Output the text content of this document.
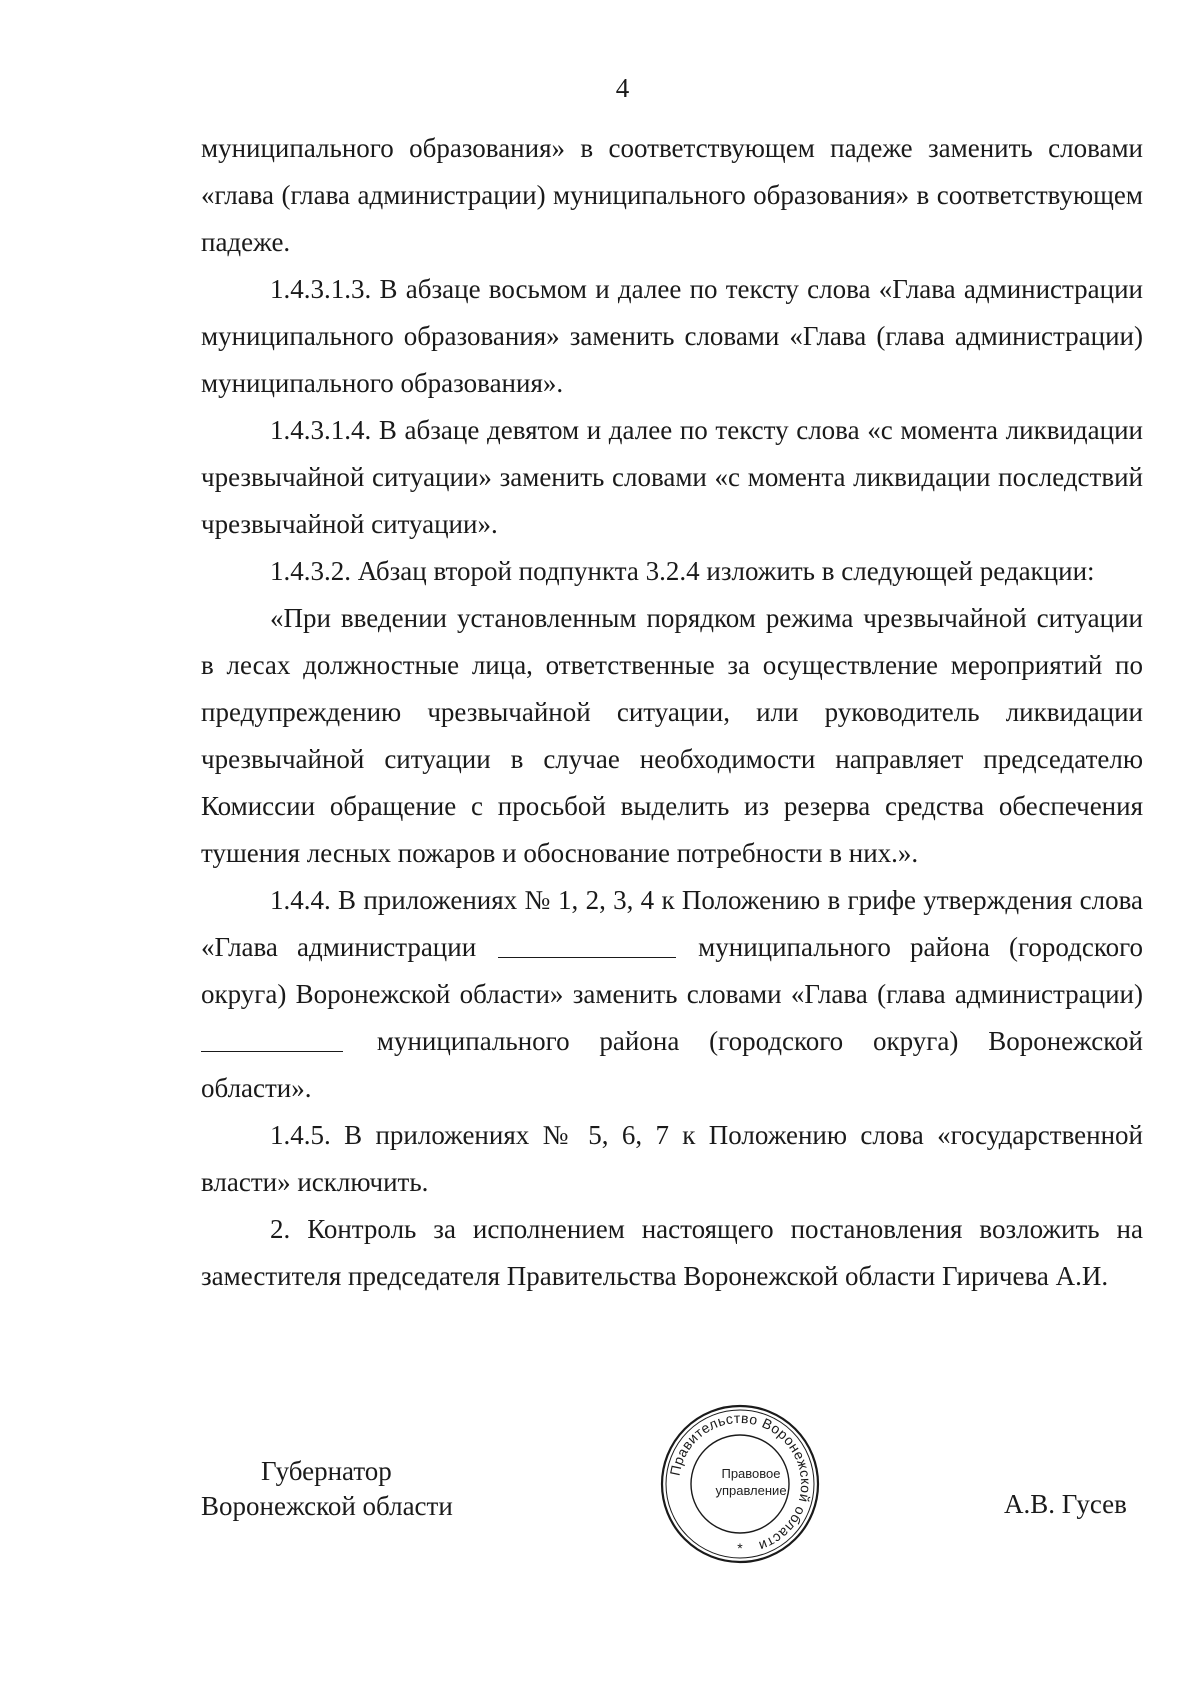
4

муниципального образования» в соответствующем падеже заменить словами «глава (глава администрации) муниципального образования» в соответствующем падеже.

1.4.3.1.3. В абзаце восьмом и далее по тексту слова «Глава администрации муниципального образования» заменить словами «Глава (глава администрации) муниципального образования».

1.4.3.1.4. В абзаце девятом и далее по тексту слова «с момента ликвидации чрезвычайной ситуации» заменить словами «с момента ликвидации последствий чрезвычайной ситуации».

1.4.3.2. Абзац второй подпункта 3.2.4 изложить в следующей редакции:

«При введении установленным порядком режима чрезвычайной ситуации в лесах должностные лица, ответственные за осуществление мероприятий по предупреждению чрезвычайной ситуации, или руководитель ликвидации чрезвычайной ситуации в случае необходимости направляет председателю Комиссии обращение с просьбой выделить из резерва средства обеспечения тушения лесных пожаров и обоснование потребности в них.».

1.4.4. В приложениях № 1, 2, 3, 4 к Положению в грифе утверждения слова «Глава администрации	муниципального района (городского округа) Воронежской области» заменить словами «Глава (глава администрации) муниципального района (городского округа) Воронежской области».

1.4.5. В приложениях № 5, 6, 7 к Положению слова «государственной власти» исключить.

2. Контроль за исполнением настоящего постановления возложить на заместителя председателя Правительства Воронежской области Гиричева А.И.

Губернатор
Воронежской области
Правительство Воронежской области
*
Правовое
управление	А.В. Гусев
